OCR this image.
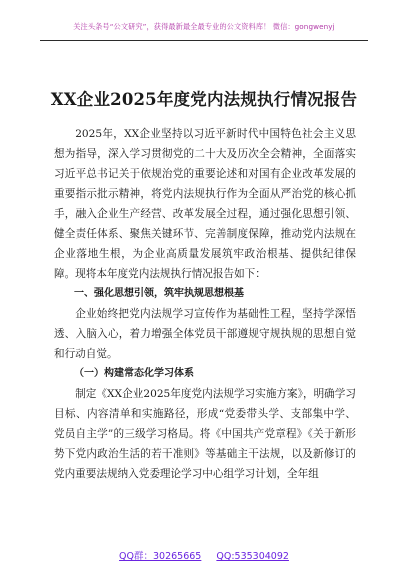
关注头条号“公文研究”，获得最新最全最专业的公文资料库！ 微信：gongwenyj
XX企业2025年度党内法规执行情况报告

2025年，XX企业坚持以习近平新时代中国特色社会主义思想为指导，深入学习贯彻党的二十大及历次全会精神，全面落实习近平总书记关于依规治党的重要论述和对国有企业改革发展的重要指示批示精神，将党内法规执行作为全面从严治党的核心抓手，融入企业生产经营、改革发展全过程，通过强化思想引领、健全责任体系、聚焦关键环节、完善制度保障，推动党内法规在企业落地生根，为企业高质量发展筑牢政治根基、提供纪律保障。现将本年度党内法规执行情况报告如下：

一、强化思想引领，筑牢执规思想根基

企业始终把党内法规学习宣传作为基础性工程，坚持学深悟透、入脑入心，着力增强全体党员干部遵规守规执规的思想自觉和行动自觉。

（一）构建常态化学习体系

制定《XX企业2025年度党内法规学习实施方案》，明确学习目标、内容清单和实施路径，形成“党委带头学、支部集中学、党员自主学”的三级学习格局。将《中国共产党章程》《关于新形势下党内政治生活的若干准则》等基础主干法规，以及新修订的党内重要法规纳入党委理论学习中心组学习计划，全年组

QQ群：30265665 QQ:535304092
